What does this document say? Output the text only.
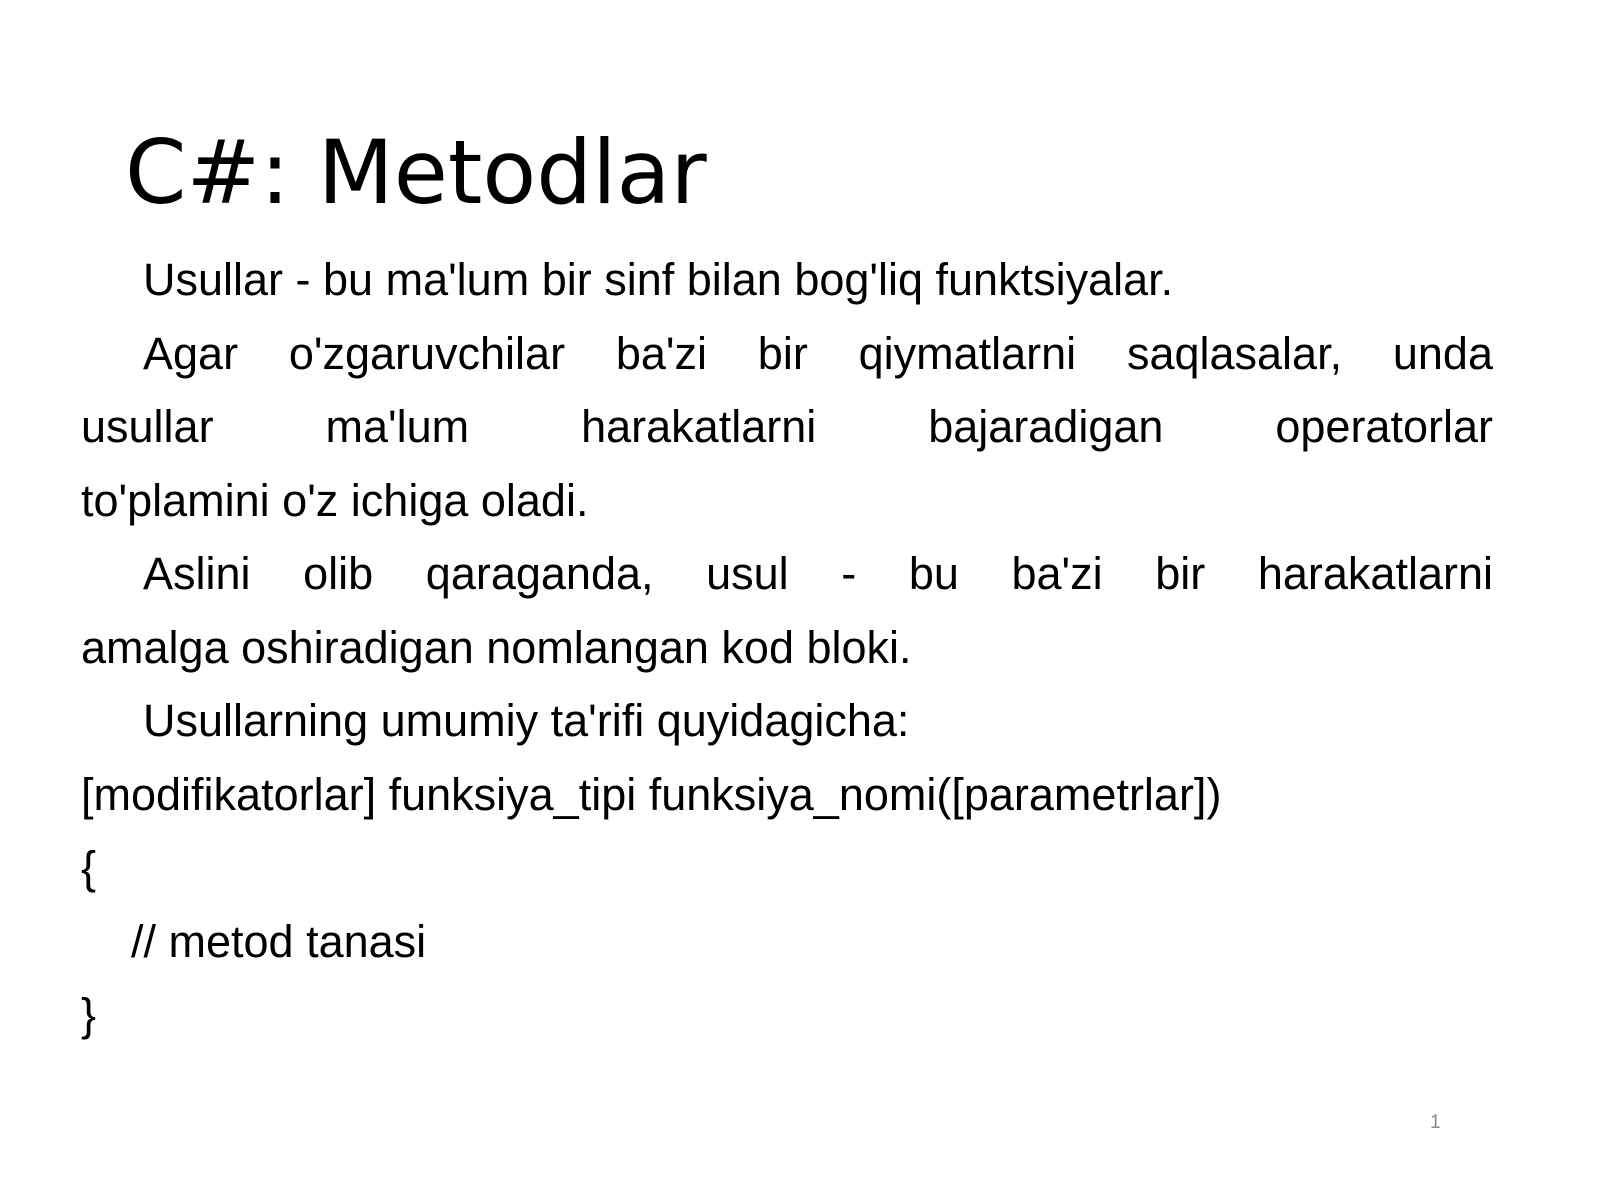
C#: Metodlar
Usullar - bu ma'lum bir sinf bilan bog'liq funktsiyalar.
Agar o'zgaruvchilar ba'zi bir qiymatlarni saqlasalar, unda
usullar ma'lum harakatlarni bajaradigan operatorlar
to'plamini o'z ichiga oladi.
Aslini olib qaraganda, usul - bu ba'zi bir harakatlarni
amalga oshiradigan nomlangan kod bloki.
Usullarning umumiy ta'rifi quyidagicha:
[modifikatorlar] funksiya_tipi funksiya_nomi([parametrlar])
{
// metod tanasi
}
1
